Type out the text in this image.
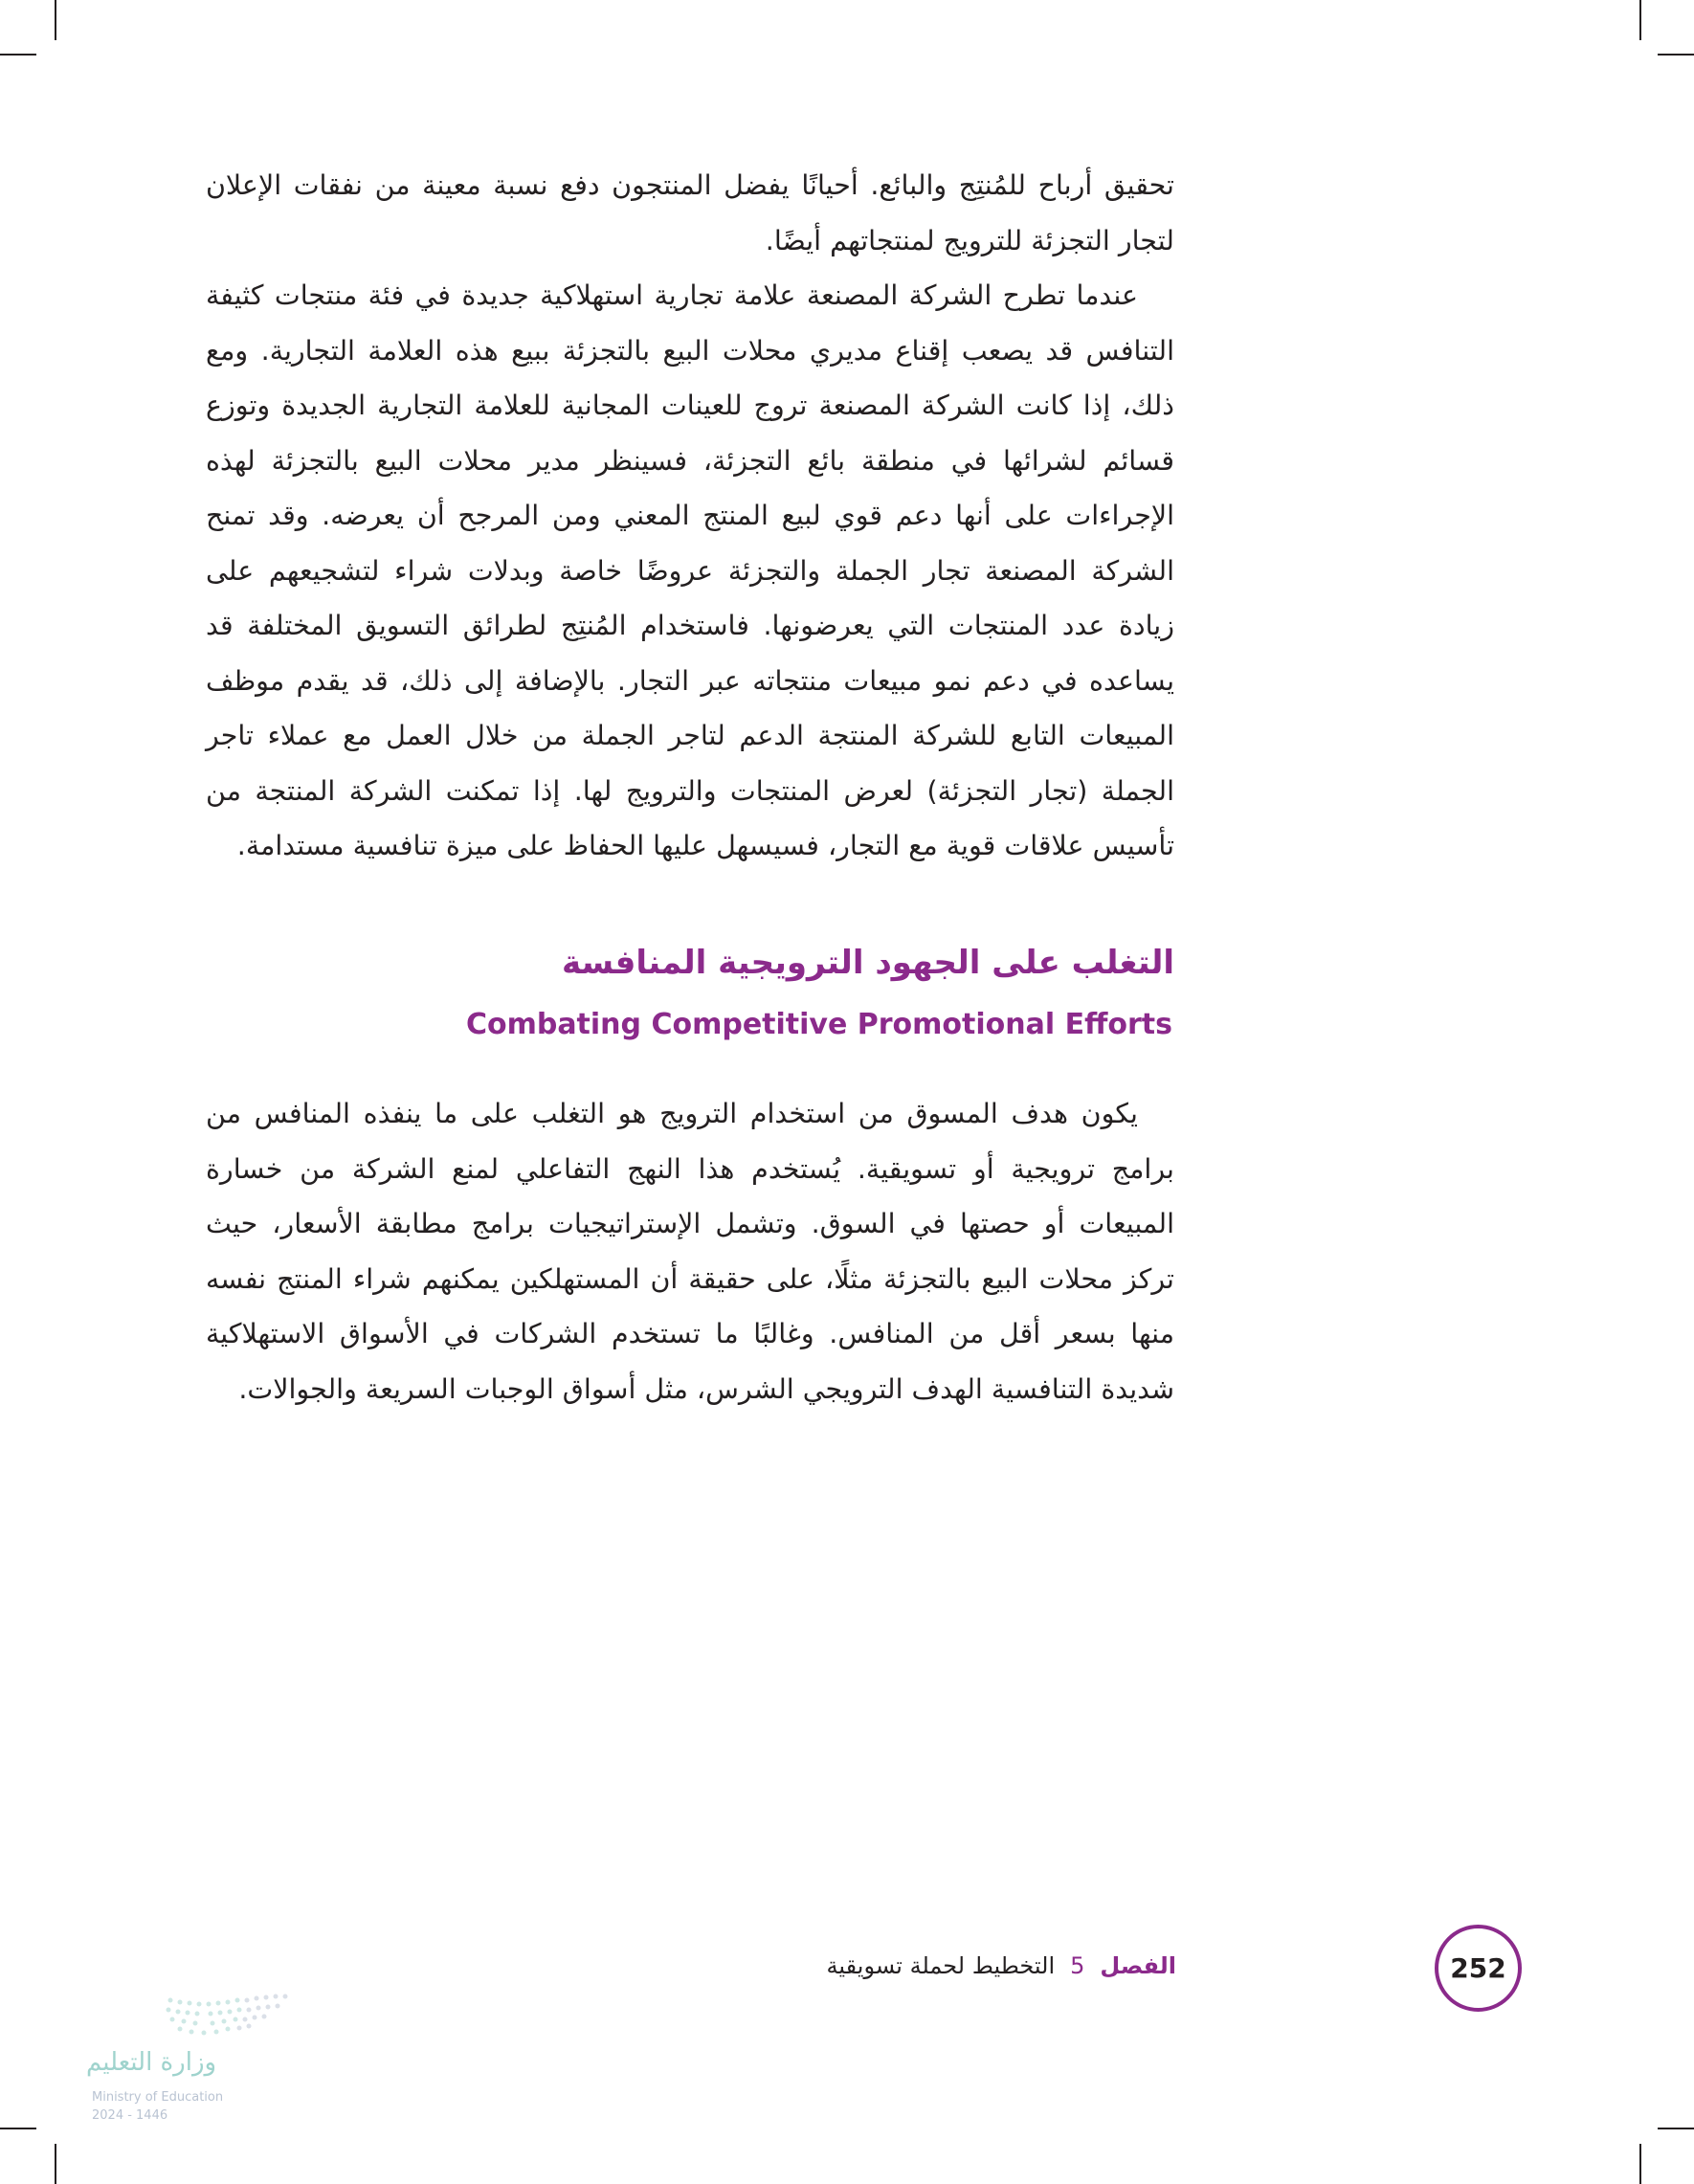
تحقيق أرباح للمُنتِج والبائع. أحيانًا يفضل المنتجون دفع نسبة معينة من نفقات الإعلان لتجار التجزئة للترويج لمنتجاتهم أيضًا.

عندما تطرح الشركة المصنعة علامة تجارية استهلاكية جديدة في فئة منتجات كثيفة التنافس قد يصعب إقناع مديري محلات البيع بالتجزئة ببيع هذه العلامة التجارية. ومع ذلك، إذا كانت الشركة المصنعة تروج للعينات المجانية للعلامة التجارية الجديدة وتوزع قسائم لشرائها في منطقة بائع التجزئة، فسينظر مدير محلات البيع بالتجزئة لهذه الإجراءات على أنها دعم قوي لبيع المنتج المعني ومن المرجح أن يعرضه. وقد تمنح الشركة المصنعة تجار الجملة والتجزئة عروضًا خاصة وبدلات شراء لتشجيعهم على زيادة عدد المنتجات التي يعرضونها. فاستخدام المُنتِج لطرائق التسويق المختلفة قد يساعده في دعم نمو مبيعات منتجاته عبر التجار. بالإضافة إلى ذلك، قد يقدم موظف المبيعات التابع للشركة المنتجة الدعم لتاجر الجملة من خلال العمل مع عملاء تاجر الجملة (تجار التجزئة) لعرض المنتجات والترويج لها. إذا تمكنت الشركة المنتجة من تأسيس علاقات قوية مع التجار، فسيسهل عليها الحفاظ على ميزة تنافسية مستدامة.

التغلب على الجهود الترويجية المنافسة
Combating Competitive Promotional Efforts

يكون هدف المسوق من استخدام الترويج هو التغلب على ما ينفذه المنافس من برامج ترويجية أو تسويقية. يُستخدم هذا النهج التفاعلي لمنع الشركة من خسارة المبيعات أو حصتها في السوق. وتشمل الإستراتيجيات برامج مطابقة الأسعار، حيث تركز محلات البيع بالتجزئة مثلًا، على حقيقة أن المستهلكين يمكنهم شراء المنتج نفسه منها بسعر أقل من المنافس. وغالبًا ما تستخدم الشركات في الأسواق الاستهلاكية شديدة التنافسية الهدف الترويجي الشرس، مثل أسواق الوجبات السريعة والجوالات.

252
الفصل
5
التخطيط لحملة تسويقية
وزارة التعليم
Ministry of Education
2024 - 1446
